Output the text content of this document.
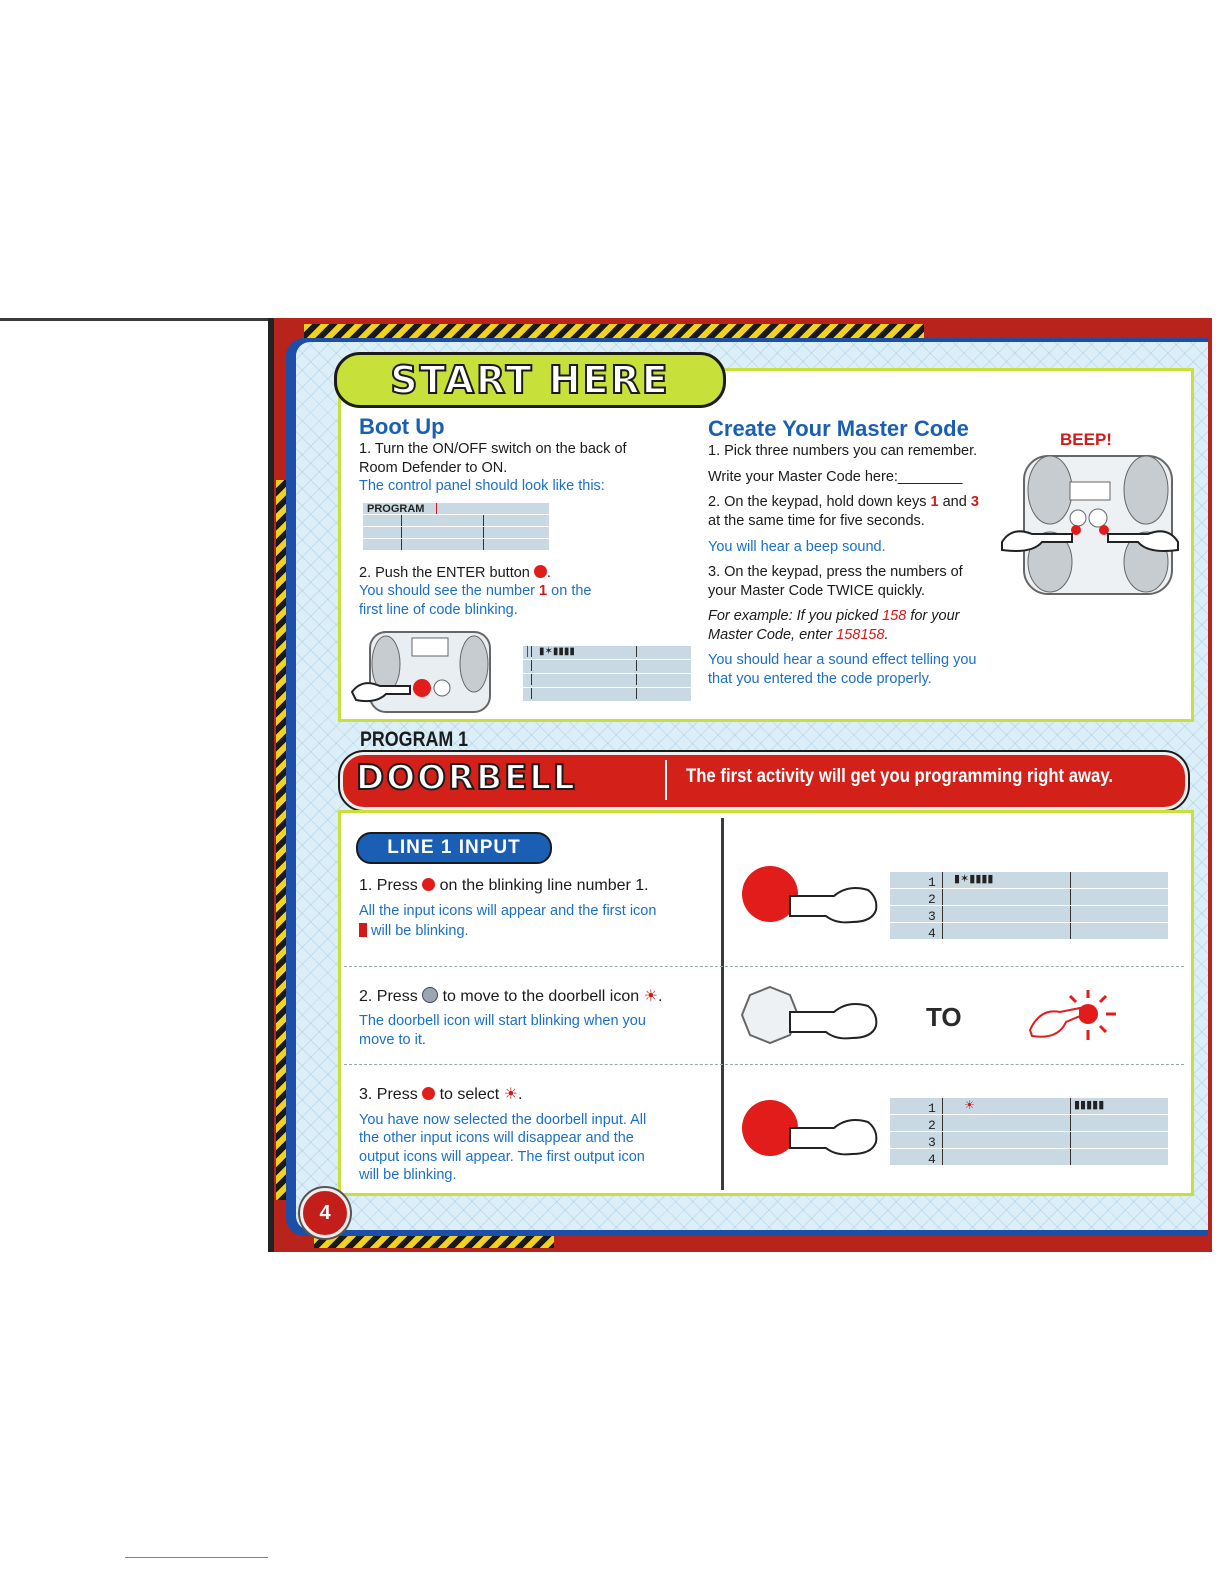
START HERE
Boot Up
1. Turn the ON/OFF switch on the back of
Room Defender to ON.
The control panel should look like this:
PROGRAM
2. Push the ENTER button .
You should see the number 1 on the
first line of code blinking.
▮✶▮▮▮▮
Create Your Master Code
1. Pick three numbers you can remember.
Write your Master Code here:________
2. On the keypad, hold down keys 1 and 3
at the same time for five seconds.
You will hear a beep sound.
3. On the keypad, press the numbers of
your Master Code TWICE quickly.
For example: If you picked 158 for your
Master Code, enter 158158.
You should hear a sound effect telling you
that you entered the code properly.
BEEP!
PROGRAM 1
DOORBELL	The first activity will get you programming right away.
LINE 1 INPUT
1. Press on the blinking line number 1.
All the input icons will appear and the first icon
will be blinking.
2. Press to move to the doorbell icon ☀.
The doorbell icon will start blinking when you
move to it.
3. Press to select ☀.
You have now selected the doorbell input. All
the other input icons will disappear and the
output icons will appear. The first output icon
will be blinking.
▮✶▮▮▮▮
1
2
3
4
TO
☀	▮▮▮▮▮
1
2
3
4
4
